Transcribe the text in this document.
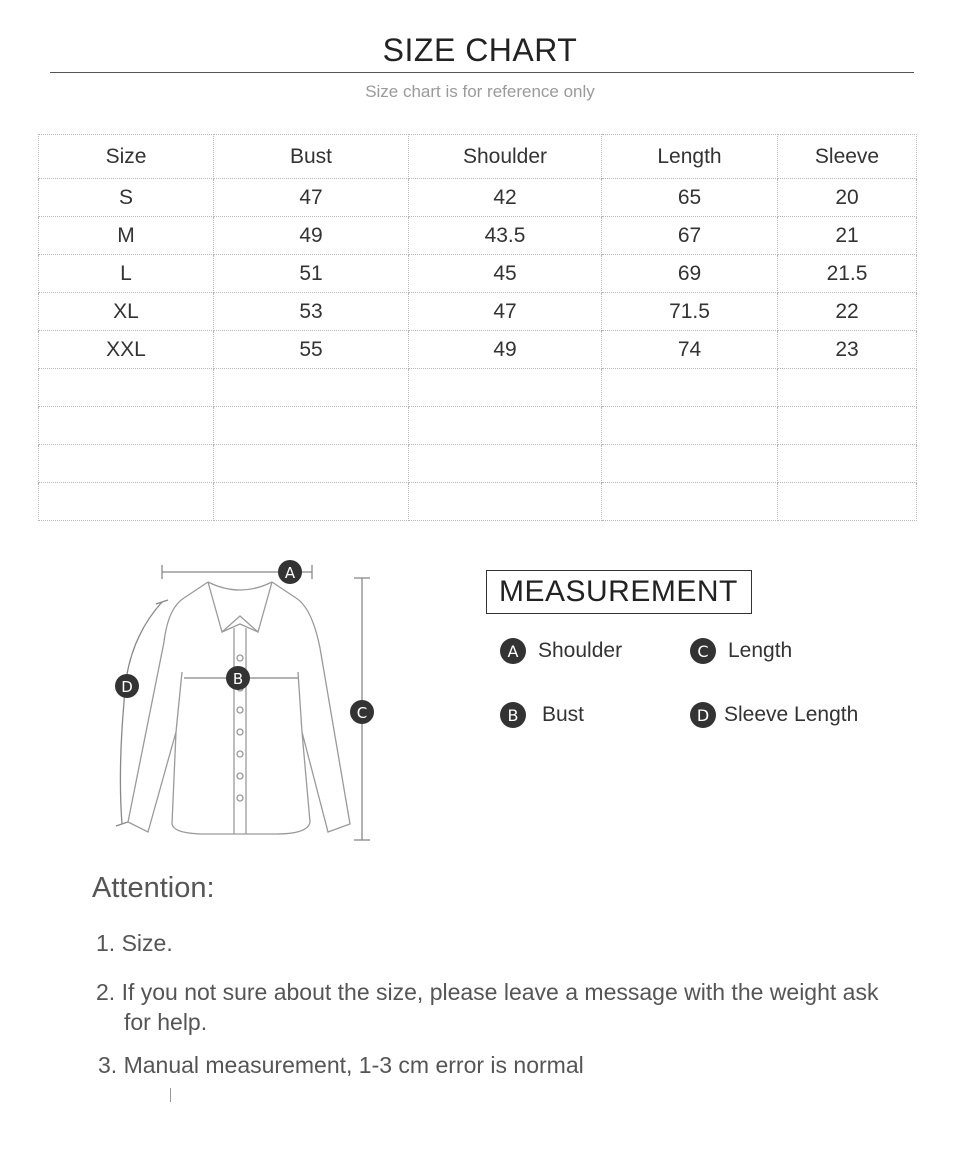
SIZE CHART
Size chart is for reference only
Size	Bust	Shoulder	Length	Sleeve
S	47	42	65	20
M	49	43.5	67	21
L	51	45	69	21.5
XL	53	47	71.5	22
XXL	55	49	74	23

A
B
C
D
MEASUREMENT
A Shoulder	C Length
B	Bust	D Sleeve Length
Attention:
1. Size.
2. If you not sure about the size, please leave a message with the weight ask for help.
3. Manual measurement, 1-3 cm error is normal
